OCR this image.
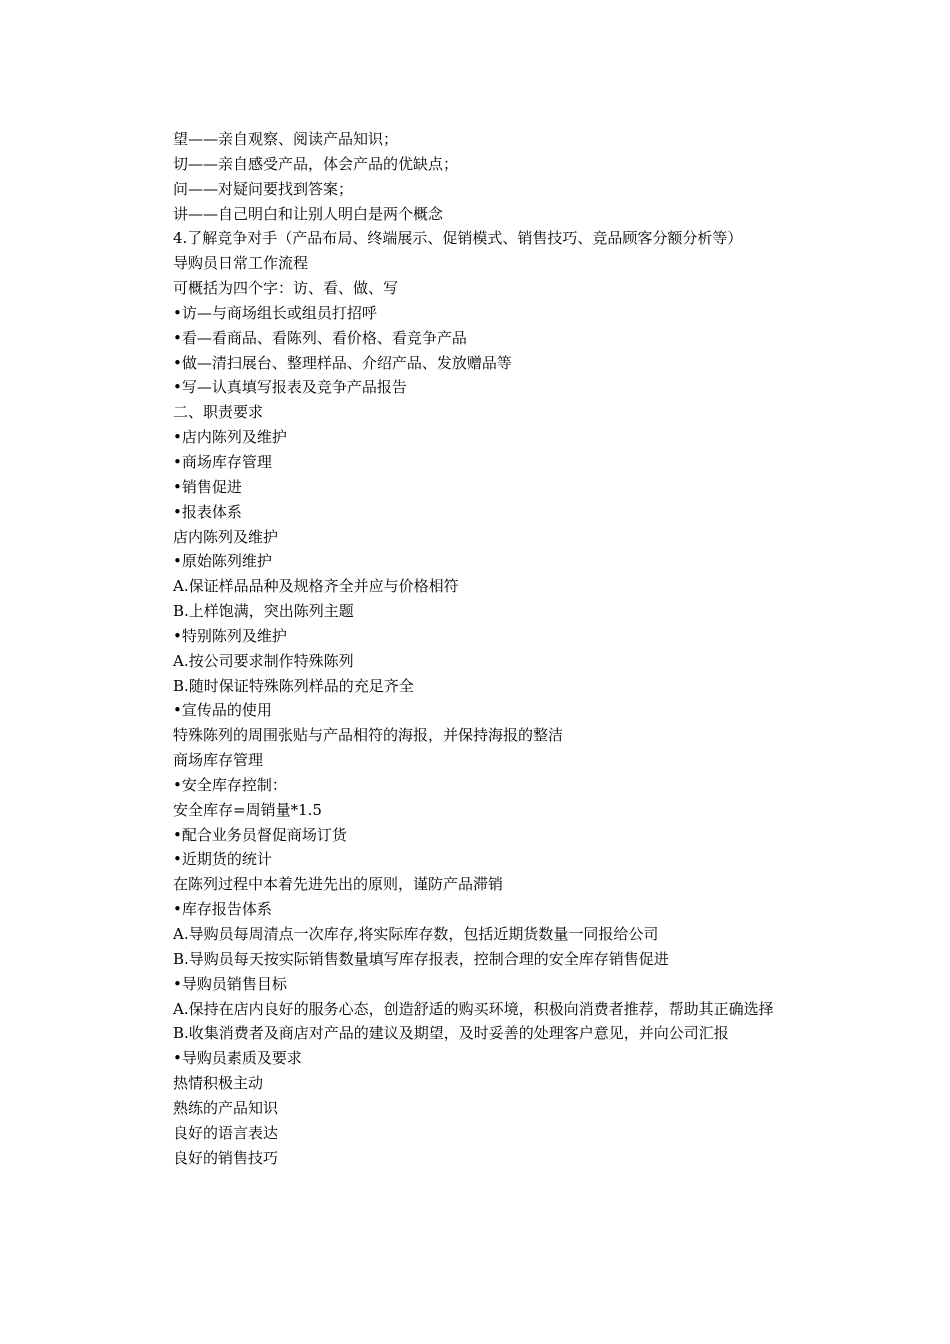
望——亲自观察、阅读产品知识；

切——亲自感受产品，体会产品的优缺点；

问——对疑问要找到答案；

讲——自己明白和让别人明白是两个概念

4.了解竞争对手（产品布局、终端展示、促销模式、销售技巧、竞品顾客分额分析等）

导购员日常工作流程

可概括为四个字：访、看、做、写

•访—与商场组长或组员打招呼

•看—看商品、看陈列、看价格、看竞争产品

•做—清扫展台、整理样品、介绍产品、发放赠品等

•写—认真填写报表及竞争产品报告

二、职责要求

•店内陈列及维护

•商场库存管理

•销售促进

•报表体系

店内陈列及维护

•原始陈列维护

A.保证样品品种及规格齐全并应与价格相符

B.上样饱满，突出陈列主题

•特别陈列及维护

A.按公司要求制作特殊陈列

B.随时保证特殊陈列样品的充足齐全

•宣传品的使用

特殊陈列的周围张贴与产品相符的海报，并保持海报的整洁

商场库存管理

•安全库存控制：

安全库存=周销量*1.5

•配合业务员督促商场订货

•近期货的统计

在陈列过程中本着先进先出的原则，谨防产品滞销

•库存报告体系

A.导购员每周清点一次库存,将实际库存数，包括近期货数量一同报给公司

B.导购员每天按实际销售数量填写库存报表，控制合理的安全库存销售促进

•导购员销售目标

A.保持在店内良好的服务心态，创造舒适的购买环境，积极向消费者推荐，帮助其正确选择

B.收集消费者及商店对产品的建议及期望，及时妥善的处理客户意见，并向公司汇报

•导购员素质及要求

热情积极主动

熟练的产品知识

良好的语言表达

良好的销售技巧
